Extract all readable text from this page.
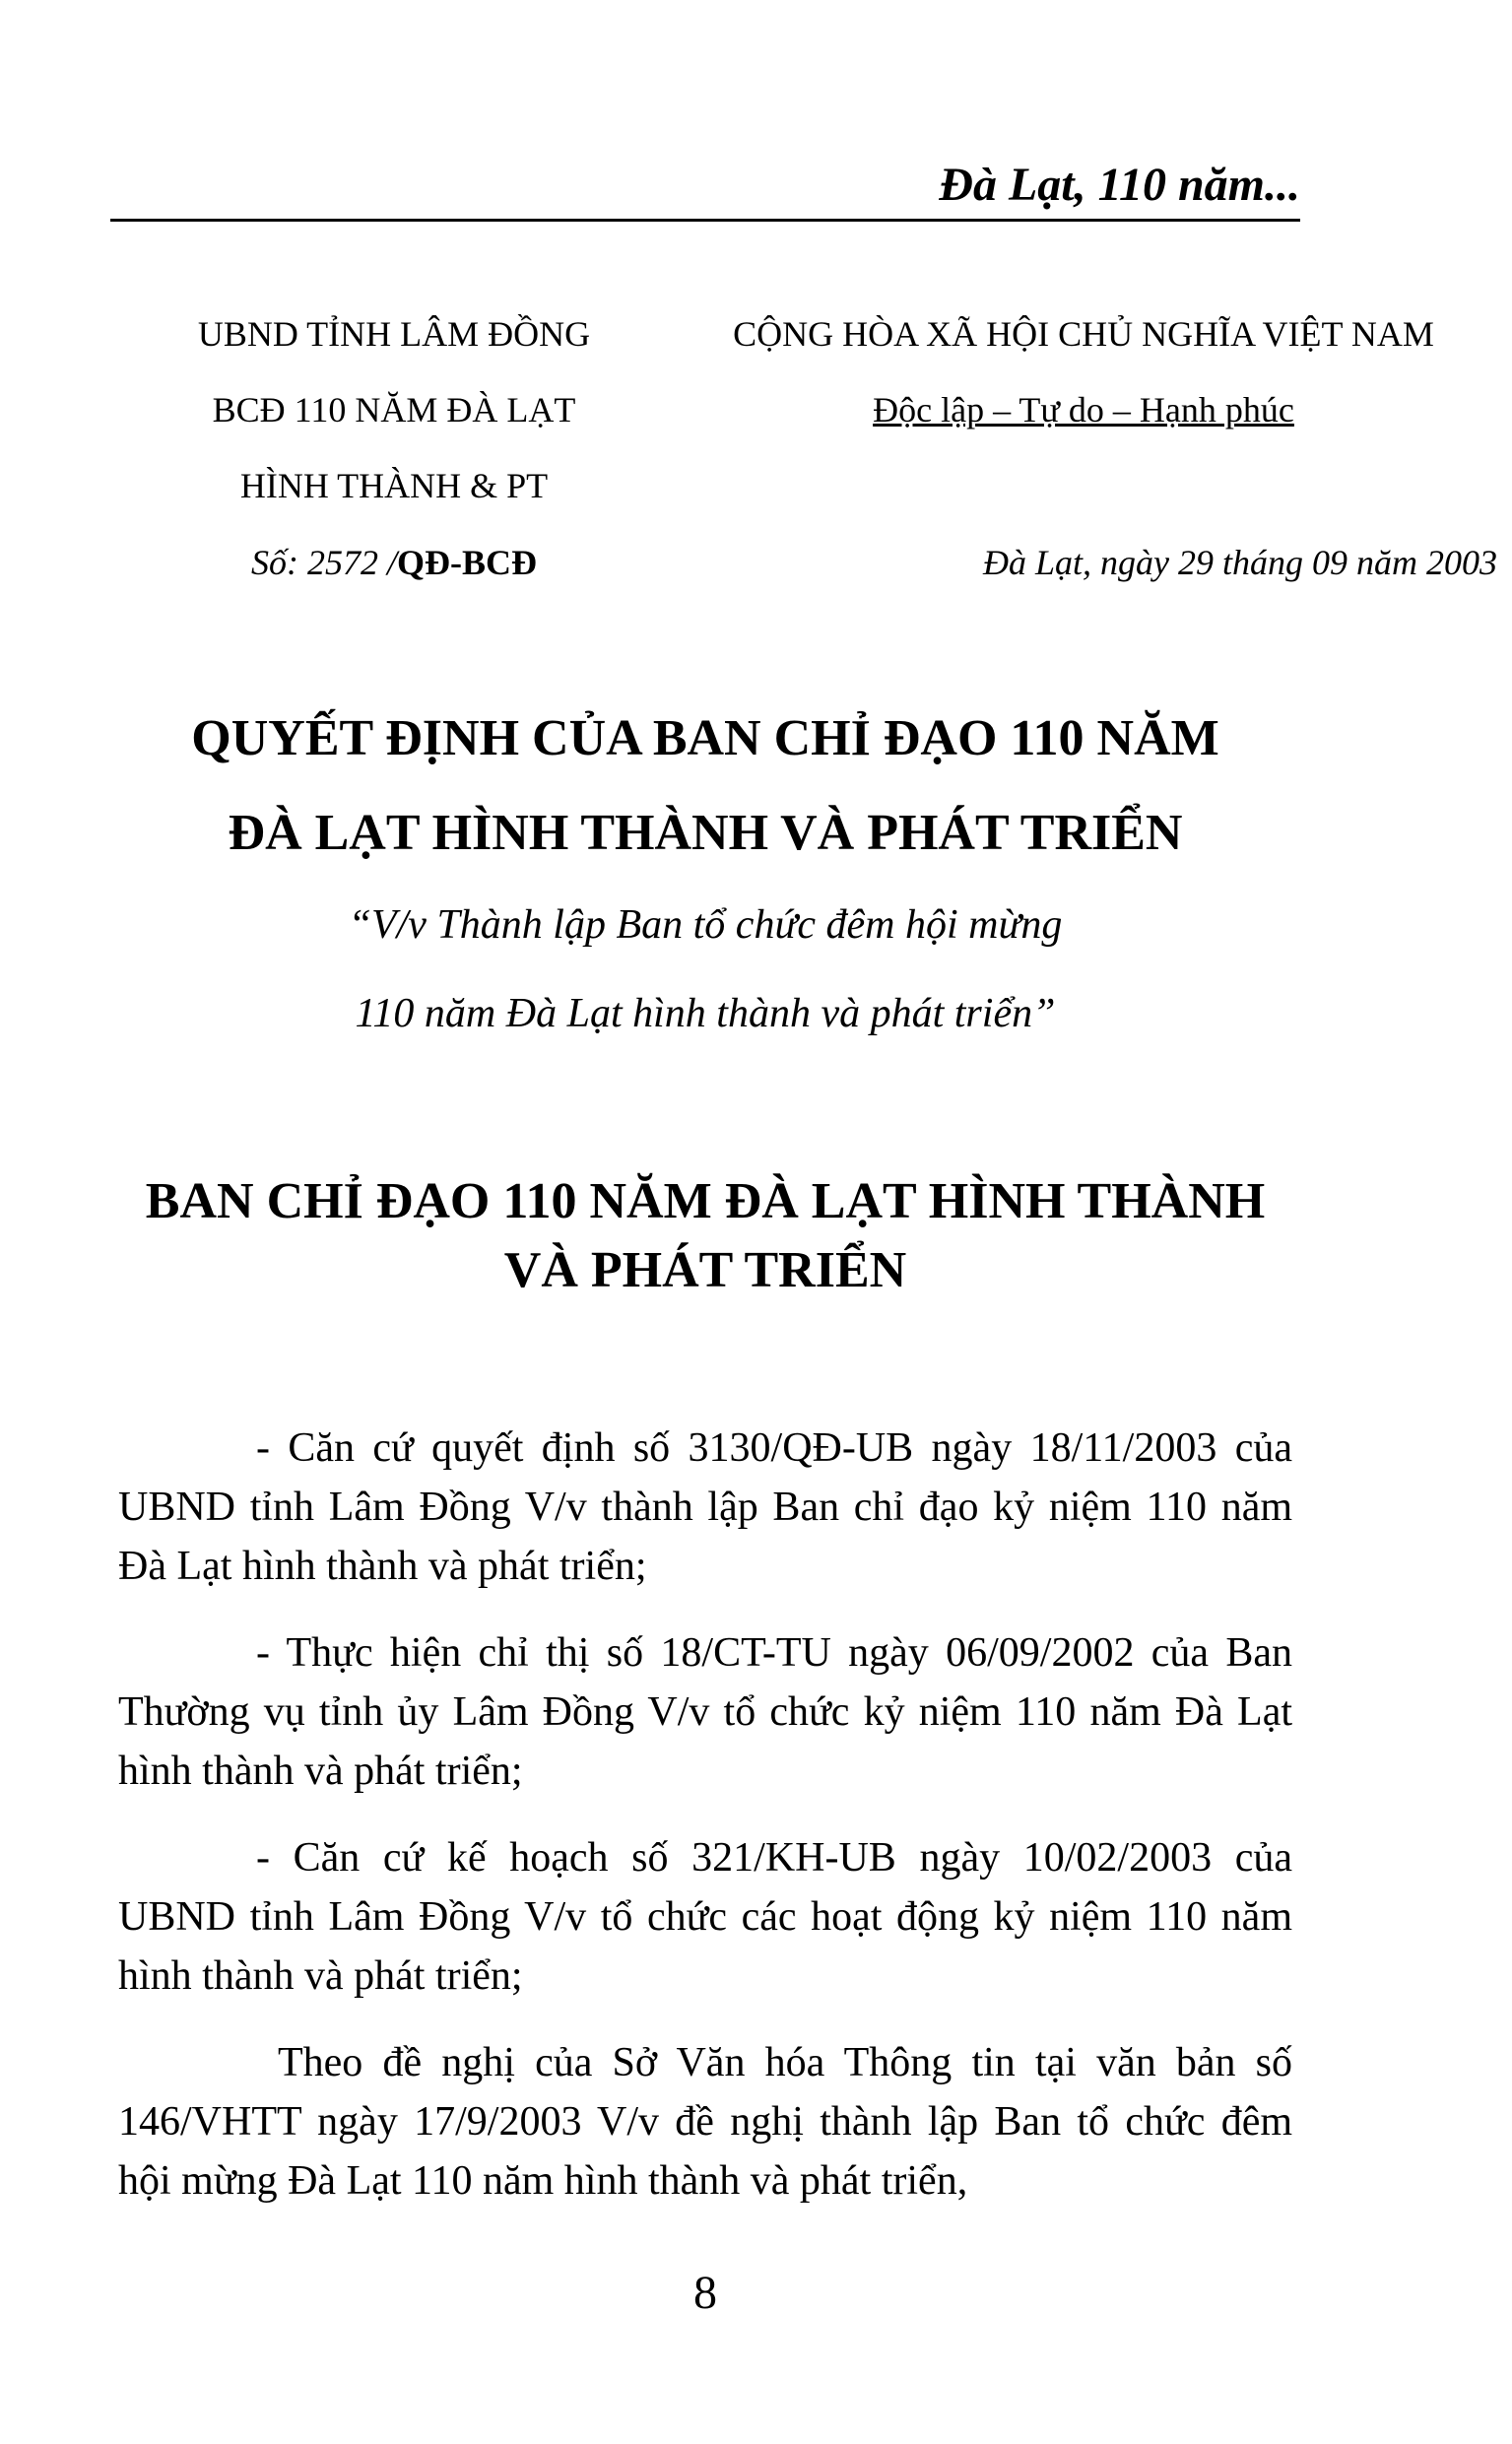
Đà Lạt, 110 năm...
UBND TỈNH LÂM ĐỒNG
BCĐ 110 NĂM ĐÀ LẠT
HÌNH THÀNH & PT
Số: 2572 /QĐ-BCĐ
CỘNG HÒA XÃ HỘI CHỦ NGHĨA VIỆT NAM
Độc lập – Tự do – Hạnh phúc
Đà Lạt, ngày 29 tháng 09 năm 2003
QUYẾT ĐỊNH CỦA BAN CHỈ ĐẠO 110 NĂM
ĐÀ LẠT HÌNH THÀNH VÀ PHÁT TRIỂN
“V/v Thành lập Ban tổ chức đêm hội mừng
110 năm Đà Lạt hình thành và phát triển”
BAN CHỈ ĐẠO 110 NĂM ĐÀ LẠT HÌNH THÀNH
VÀ PHÁT TRIỂN

- Căn cứ quyết định số 3130/QĐ-UB ngày 18/11/2003 của UBND tỉnh Lâm Đồng V/v thành lập Ban chỉ đạo kỷ niệm 110 năm Đà Lạt hình thành và phát triển;

- Thực hiện chỉ thị số 18/CT-TU ngày 06/09/2002 của Ban Thường vụ tỉnh ủy Lâm Đồng V/v tổ chức kỷ niệm 110 năm Đà Lạt hình thành và phát triển;

- Căn cứ kế hoạch số 321/KH-UB ngày 10/02/2003 của UBND tỉnh Lâm Đồng V/v tổ chức các hoạt động kỷ niệm 110 năm hình thành và phát triển;

Theo đề nghị của Sở Văn hóa Thông tin tại văn bản số 146/VHTT ngày 17/9/2003 V/v đề nghị thành lập Ban tổ chức đêm hội mừng Đà Lạt 110 năm hình thành và phát triển,

8
